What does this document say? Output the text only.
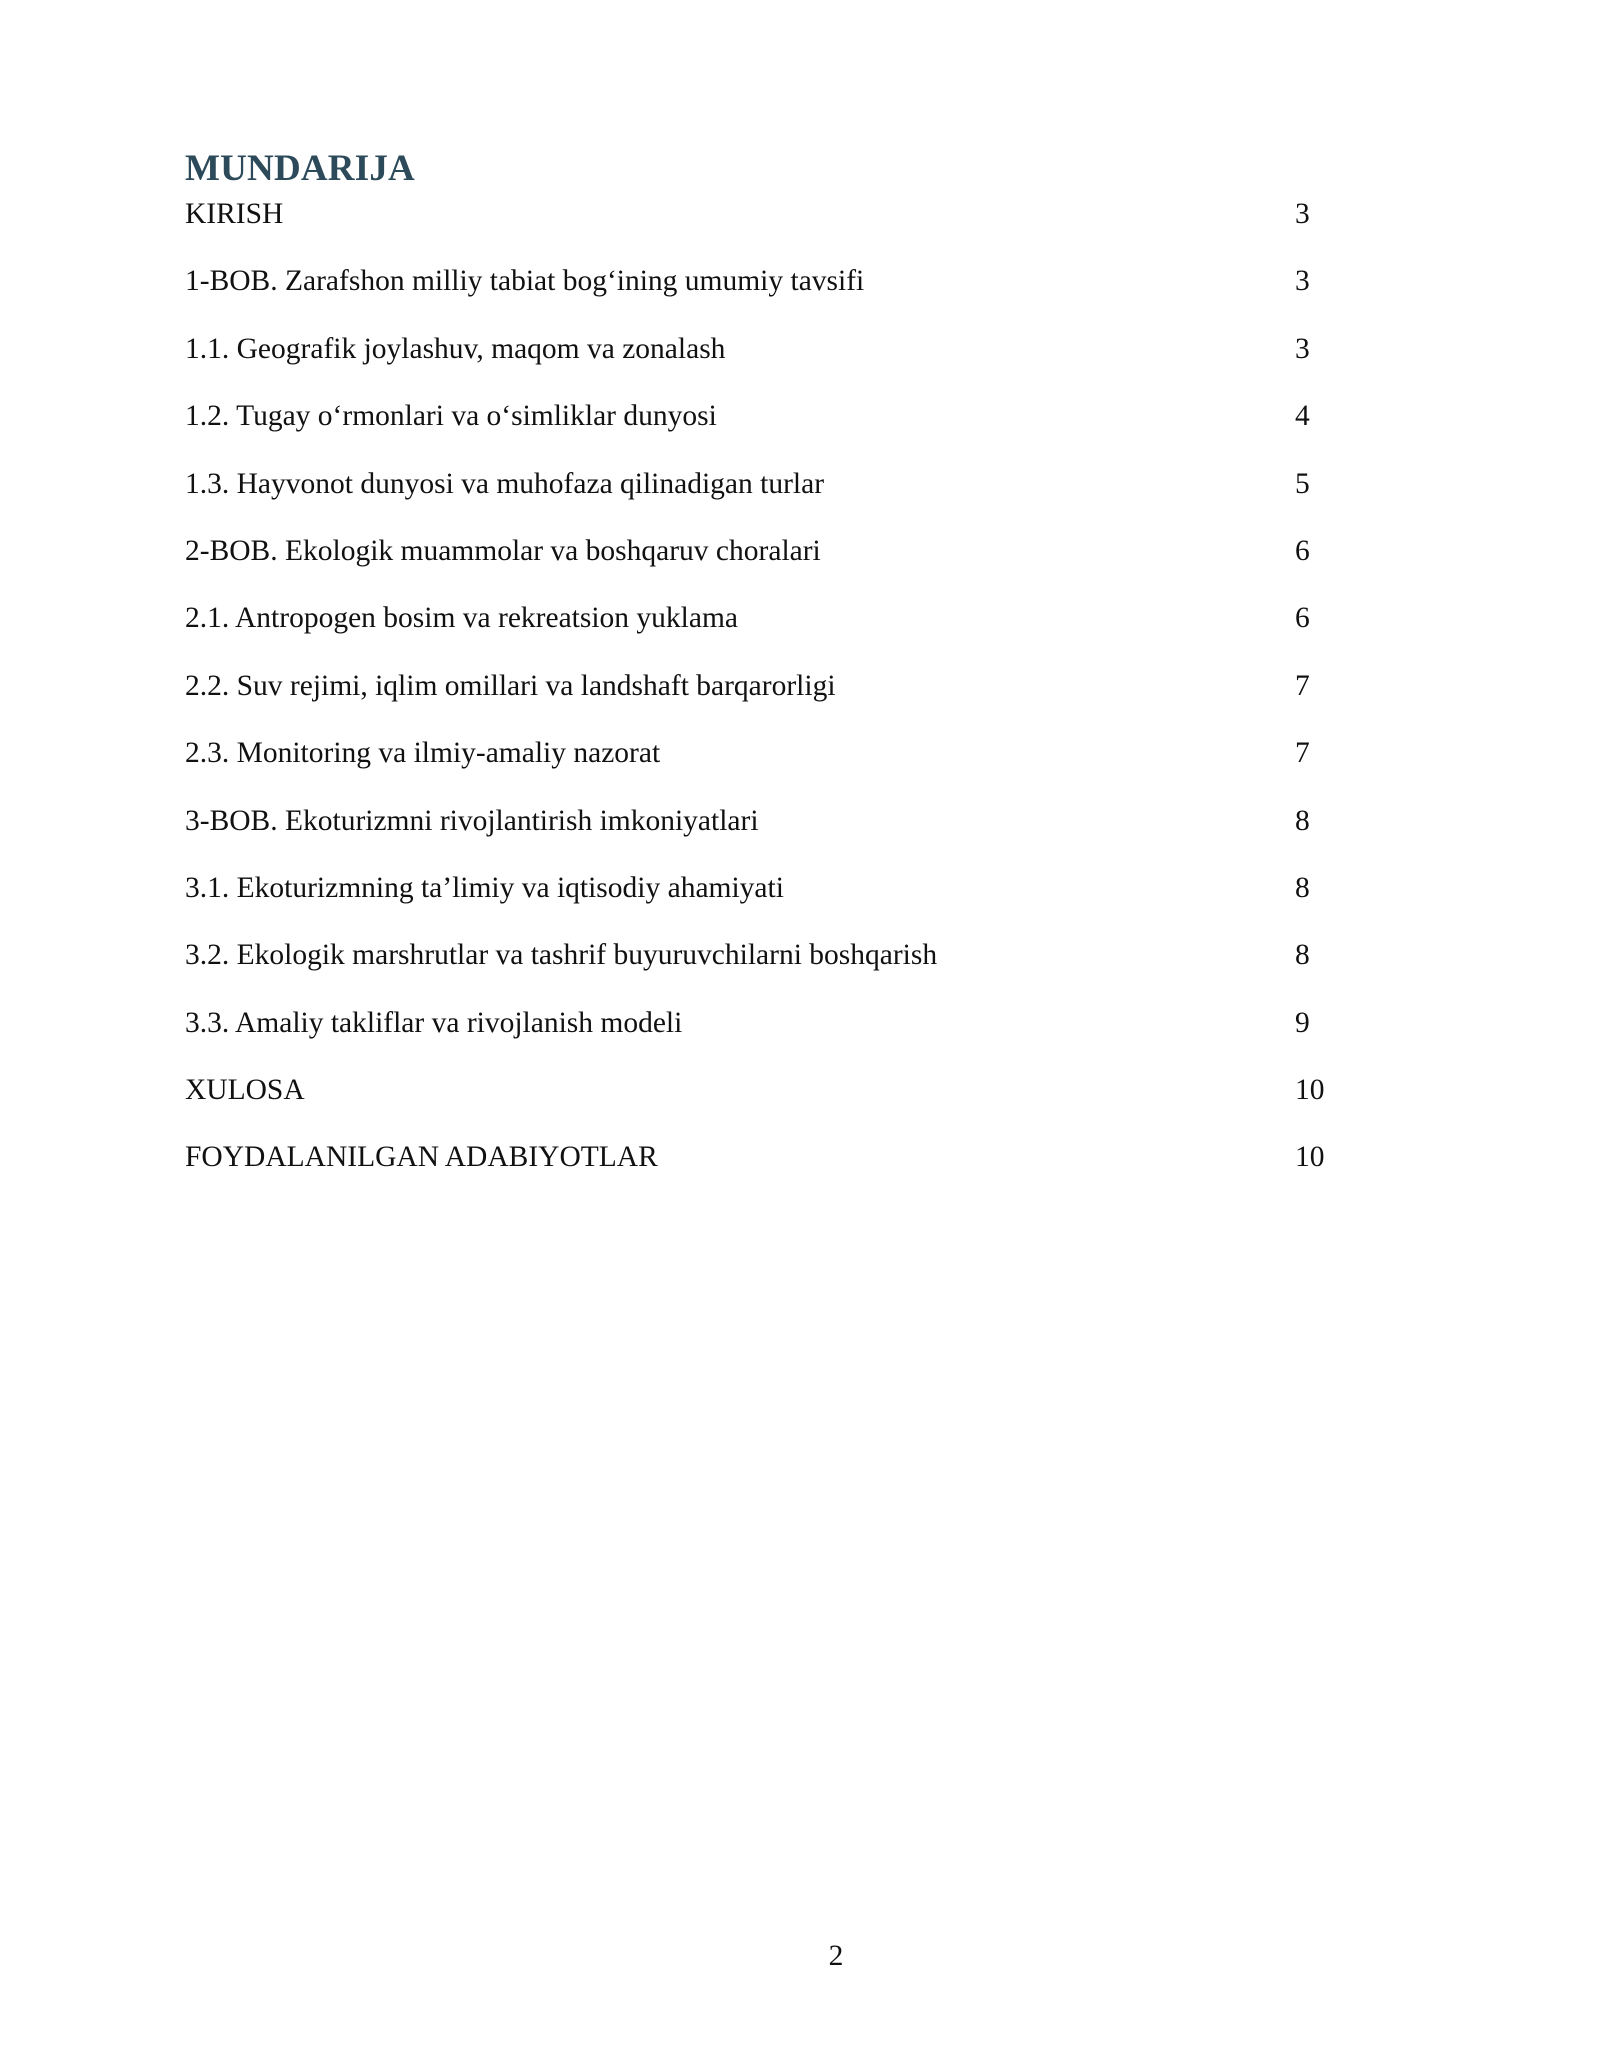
MUNDARIJA
KIRISH	3
1-BOB. Zarafshon milliy tabiat bog‘ining umumiy tavsifi	3
1.1. Geografik joylashuv, maqom va zonalash	3
1.2. Tugay o‘rmonlari va o‘simliklar dunyosi	4
1.3. Hayvonot dunyosi va muhofaza qilinadigan turlar	5
2-BOB. Ekologik muammolar va boshqaruv choralari	6
2.1. Antropogen bosim va rekreatsion yuklama	6
2.2. Suv rejimi, iqlim omillari va landshaft barqarorligi	7
2.3. Monitoring va ilmiy-amaliy nazorat	7
3-BOB. Ekoturizmni rivojlantirish imkoniyatlari	8
3.1. Ekoturizmning ta’limiy va iqtisodiy ahamiyati	8
3.2. Ekologik marshrutlar va tashrif buyuruvchilarni boshqarish	8
3.3. Amaliy takliflar va rivojlanish modeli	9
XULOSA	10
FOYDALANILGAN ADABIYOTLAR	10
2
